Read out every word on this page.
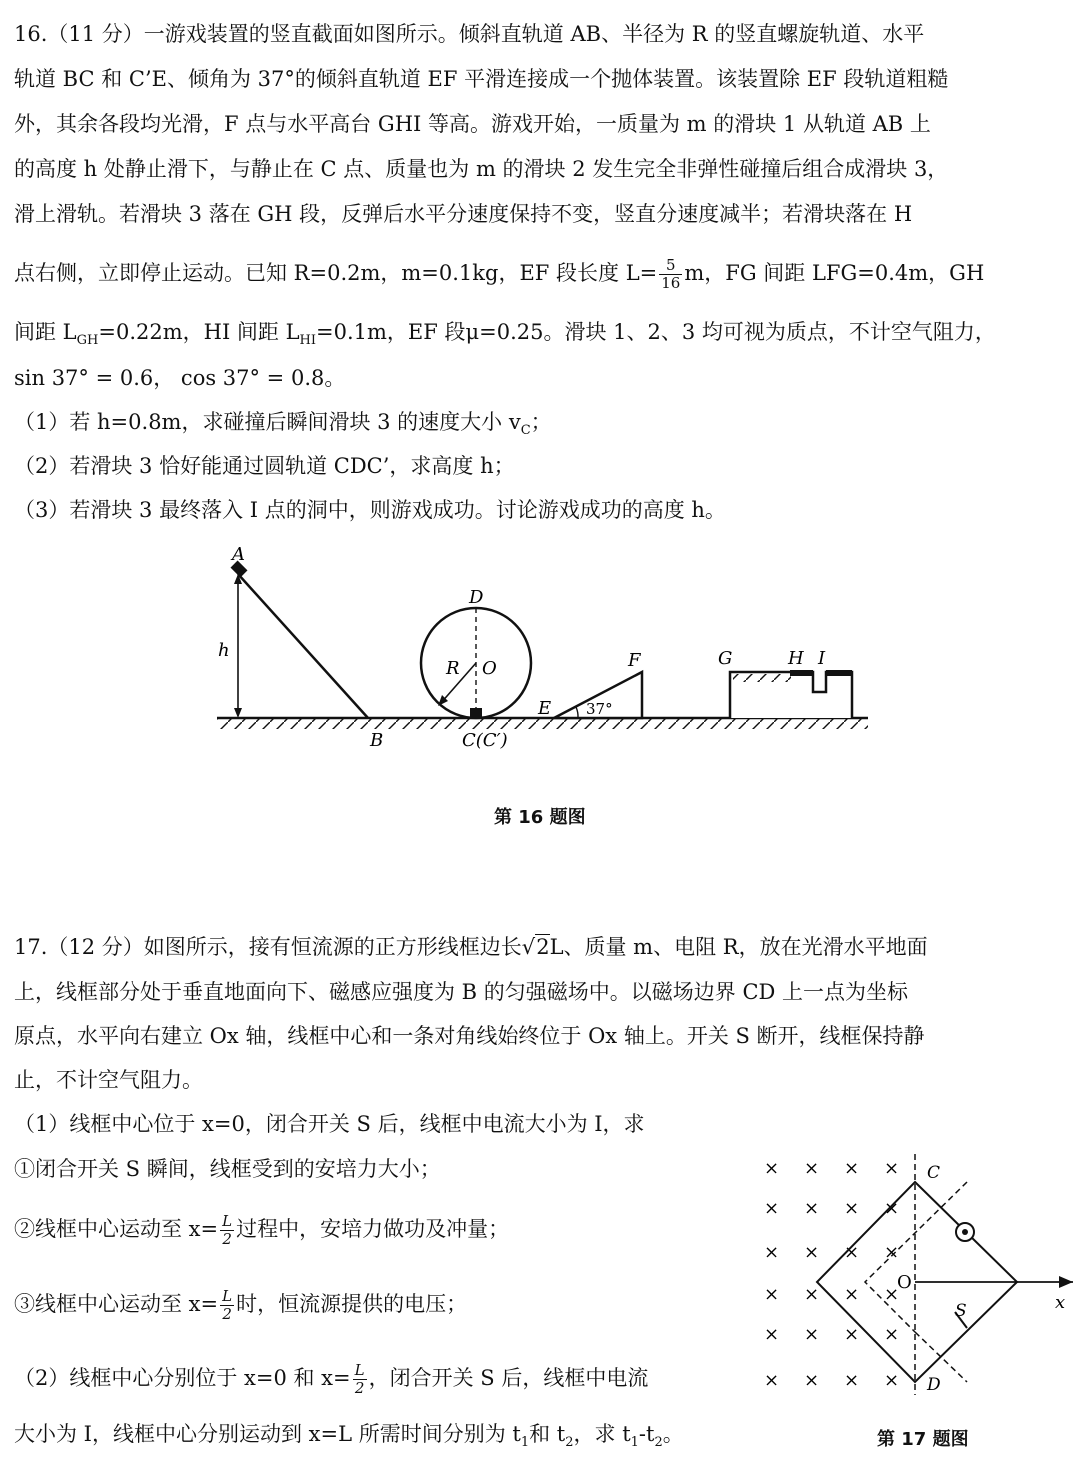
16.（11 分）一游戏装置的竖直截面如图所示。倾斜直轨道 AB、半径为 R 的竖直螺旋轨道、水平
轨道 BC 和 C’E、倾角为 37°的倾斜直轨道 EF 平滑连接成一个抛体装置。该装置除 EF 段轨道粗糙
外，其余各段均光滑，F 点与水平高台 GHI 等高。游戏开始，一质量为 m 的滑块 1 从轨道 AB 上
的高度 h 处静止滑下，与静止在 C 点、质量也为 m 的滑块 2 发生完全非弹性碰撞后组合成滑块 3，
滑上滑轨。若滑块 3 落在 GH 段，反弹后水平分速度保持不变，竖直分速度减半；若滑块落在 H
点右侧，立即停止运动。已知 R=0.2m，m=0.1kg，EF 段长度 $L= \frac{5}{16}$ m，FG 间距 LFG=0.4m，GH
间距 $L_{GH}=0.22m$，HI 间距 $L_{HI}=0.1m$，EF 段μ=0.25。滑块 1、2、3 均可视为质点，不计空气阻力，
sin 37° = 0.6， cos 37° = 0.8。
（1）若 h=0.8m，求碰撞后瞬间滑块 3 的速度大小 $v_C$；
（2）若滑块 3 恰好能通过圆轨道 CDC’，求高度 h；
（3）若滑块 3 最终落入 I 点的洞中，则游戏成功。讨论游戏成功的高度 h。
A
h
B
D
R O
C(C′)
E 37°
F	G	H I
第 16 题图
17.（12 分）如图所示，接有恒流源的正方形线框边长√2L、质量 m、电阻 R，放在光滑水平地面
上，线框部分处于垂直地面向下、磁感应强度为 B 的匀强磁场中。以磁场边界 CD 上一点为坐标
原点，水平向右建立 Ox 轴，线框中心和一条对角线始终位于 Ox 轴上。开关 S 断开，线框保持静
止，不计空气阻力。
（1）线框中心位于 x=0，闭合开关 S 后，线框中电流大小为 I，求
①闭合开关 S 瞬间，线框受到的安培力大小；
②线框中心运动至 $x= \frac{L}{2}$ 过程中，安培力做功及冲量；
③线框中心运动至 $x= \frac{L}{2}$ 时，恒流源提供的电压；
（2）线框中心分别位于 x=0 和 $x= \frac{L}{2}$ ，闭合开关 S 后，线框中电流
大小为 I，线框中心分别运动到 x=L 所需时间分别为 $t_1$和 $t_2$，求 $t_1-t_2$。
× × × ×
× × × ×
× × × ×
× × × ×
× × × ×
× × × ×
C
O
x
S
D
第 17 题图
